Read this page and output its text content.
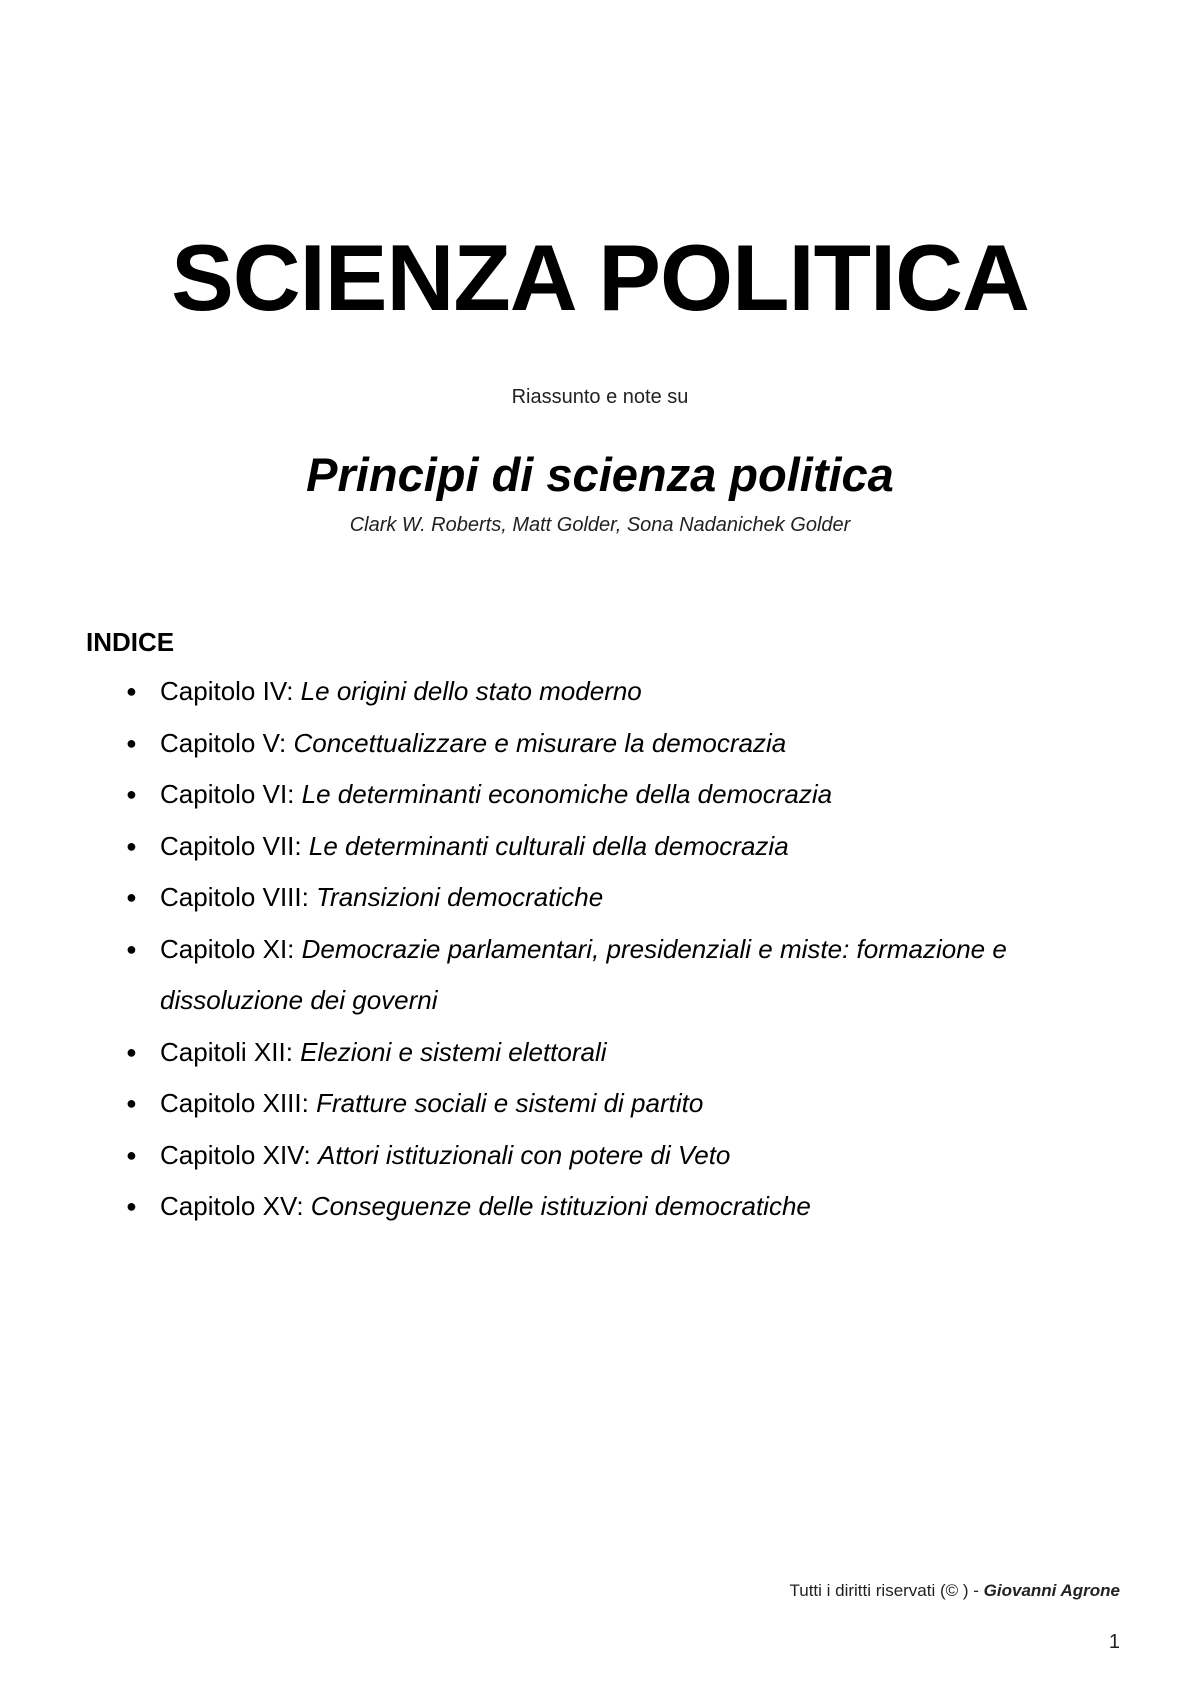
SCIENZA POLITICA
Riassunto e note su
Principi di scienza politica
Clark W. Roberts, Matt Golder, Sona Nadanichek Golder
INDICE
● Capitolo IV: Le origini dello stato moderno
● Capitolo V: Concettualizzare e misurare la democrazia
● Capitolo VI: Le determinanti economiche della democrazia
● Capitolo VII: Le determinanti culturali della democrazia
● Capitolo VIII: Transizioni democratiche
● Capitolo XI: Democrazie parlamentari, presidenziali e miste: formazione e dissoluzione dei governi
● Capitoli XII: Elezioni e sistemi elettorali
● Capitolo XIII: Fratture sociali e sistemi di partito
● Capitolo XIV: Attori istituzionali con potere di Veto
● Capitolo XV: Conseguenze delle istituzioni democratiche
Tutti i diritti riservati (© ) - Giovanni Agrone
1
